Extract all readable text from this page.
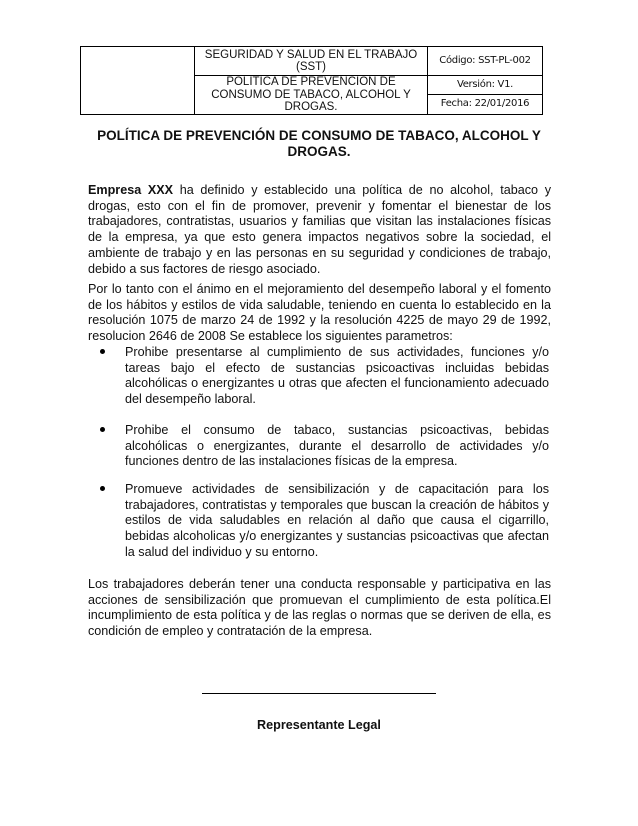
	SEGURIDAD Y SALUD EN EL TRABAJO (SST)	Código: SST-PL-002
	POLITICA DE PREVENCION DE CONSUMO DE TABACO, ALCOHOL Y DROGAS.	Versión: V1.
		Fecha: 22/01/2016
POLÍTICA DE PREVENCIÓN DE CONSUMO DE TABACO, ALCOHOL Y DROGAS.

Empresa XXX ha definido y establecido una política de no alcohol, tabaco y drogas, esto con el fin de promover, prevenir y fomentar el bienestar de los trabajadores, contratistas, usuarios y familias que visitan las instalaciones físicas de la empresa, ya que esto genera impactos negativos sobre la sociedad, el ambiente de trabajo y en las personas en su seguridad y condiciones de trabajo, debido a sus factores de riesgo asociado.

Por lo tanto con el ánimo en el mejoramiento del desempeño laboral y el fomento de los hábitos y estilos de vida saludable, teniendo en cuenta lo establecido en la resolución 1075 de marzo 24 de 1992 y la resolución 4225 de mayo 29 de 1992, resolucion 2646 de 2008 Se establece los siguientes parametros:

Prohibe presentarse al cumplimiento de sus actividades, funciones y/o tareas bajo el efecto de sustancias psicoactivas incluidas bebidas alcohólicas o energizantes u otras que afecten el funcionamiento adecuado del desempeño laboral.

Prohibe el consumo de tabaco, sustancias psicoactivas, bebidas alcohólicas o energizantes, durante el desarrollo de actividades y/o funciones dentro de las instalaciones físicas de la empresa.

Promueve actividades de sensibilización y de capacitación para los trabajadores, contratistas y temporales que buscan la creación de hábitos y estilos de vida saludables en relación al daño que causa el cigarrillo, bebidas alcoholicas y/o energizantes y sustancias psicoactivas que afectan la salud del individuo y su entorno.

Los trabajadores deberán tener una conducta responsable y participativa en las acciones de sensibilización que promuevan el cumplimiento de esta política.El incumplimiento de esta política y de las reglas o normas que se deriven de ella, es condición de empleo y contratación de la empresa.

Representante Legal
